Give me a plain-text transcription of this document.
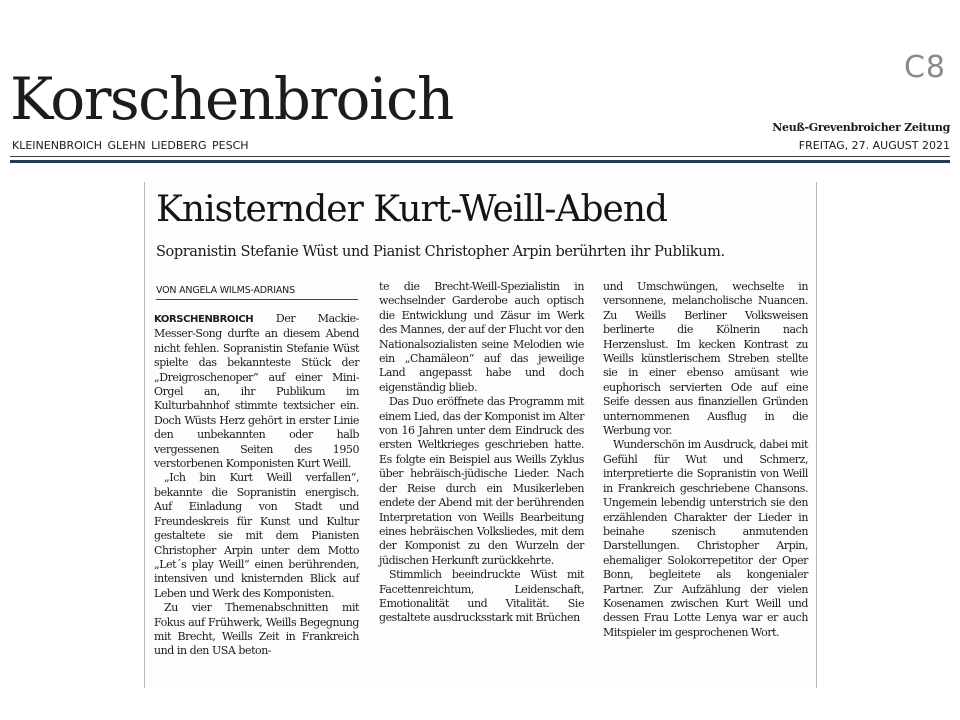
Korschenbroich	C8
KLEINENBROICH GLEHN LIEDBERG PESCH
Neuß-Grevenbroicher Zeitung
FREITAG, 27. AUGUST 2021
Knisternder Kurt-Weill-Abend
Sopranistin Stefanie Wüst und Pianist Christopher Arpin berührten ihr Publikum.
VON ANGELA WILMS-ADRIANS

KORSCHENBROICH Der Mackie-Messer-Song durfte an diesem Abend nicht fehlen. Sopranistin Stefanie Wüst spielte das bekannteste Stück der „Dreigroschenoper“ auf einer Mini-Orgel an, ihr Publikum im Kulturbahnhof stimmte textsicher ein. Doch Wüsts Herz gehört in erster Linie den unbekannten oder halb vergessenen Seiten des 1950 verstorbenen Komponisten Kurt Weill.

„Ich bin Kurt Weill verfallen“, bekannte die Sopranistin energisch. Auf Einladung von Stadt und Freundeskreis für Kunst und Kultur gestaltete sie mit dem Pianisten Christopher Arpin unter dem Motto „Let´s play Weill“ einen berührenden, intensiven und knisternden Blick auf Leben und Werk des Komponisten.

Zu vier Themenabschnitten mit Fokus auf Frühwerk, Weills Begegnung mit Brecht, Weills Zeit in Frankreich und in den USA beton-

te die Brecht-Weill-Spezialistin in wechselnder Garderobe auch optisch die Entwicklung und Zäsur im Werk des Mannes, der auf der Flucht vor den Nationalsozialisten seine Melodien wie ein „Chamäleon“ auf das jeweilige Land angepasst habe und doch eigenständig blieb.

Das Duo eröffnete das Programm mit einem Lied, das der Komponist im Alter von 16 Jahren unter dem Eindruck des ersten Weltkrieges geschrieben hatte. Es folgte ein Beispiel aus Weills Zyklus über hebräisch-jüdische Lieder. Nach der Reise durch ein Musikerleben endete der Abend mit der berührenden Interpretation von Weills Bearbeitung eines hebräischen Volksliedes, mit dem der Komponist zu den Wurzeln der jüdischen Herkunft zurückkehrte.

Stimmlich beeindruckte Wüst mit Facettenreichtum, Leidenschaft, Emotionalität und Vitalität. Sie gestaltete ausdrucksstark mit Brüchen

und Umschwüngen, wechselte in versonnene, melancholische Nuancen. Zu Weills Berliner Volksweisen berlinerte die Kölnerin nach Herzenslust. Im kecken Kontrast zu Weills künstlerischem Streben stellte sie in einer ebenso amüsant wie euphorisch servierten Ode auf eine Seife dessen aus finanziellen Gründen unternommenen Ausflug in die Werbung vor.

Wunderschön im Ausdruck, dabei mit Gefühl für Wut und Schmerz, interpretierte die Sopranistin von Weill in Frankreich geschriebene Chansons. Ungemein lebendig unterstrich sie den erzählenden Charakter der Lieder in beinahe szenisch anmutenden Darstellungen. Christopher Arpin, ehemaliger Solokorrepetitor der Oper Bonn, begleitete als kongenialer Partner. Zur Aufzählung der vielen Kosenamen zwischen Kurt Weill und dessen Frau Lotte Lenya war er auch Mitspieler im gesprochenen Wort.
